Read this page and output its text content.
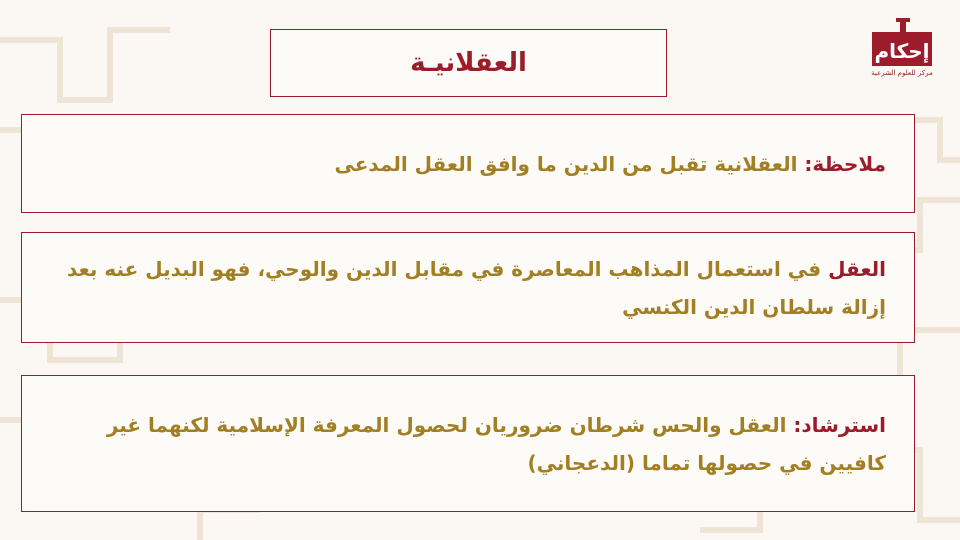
إحكام
مركز للعلوم الشرعية
العقلانيـة

ملاحظة: العقلانية تقبل من الدين ما وافق العقل المدعى

العقل في استعمال المذاهب المعاصرة في مقابل الدين والوحي، فهو البديل عنه بعد إزالة سلطان الدين الكنسي

استرشاد: العقل والحس شرطان ضروريان لحصول المعرفة الإسلامية لكنهما غير كافيين في حصولها تماما (الدعجاني)
